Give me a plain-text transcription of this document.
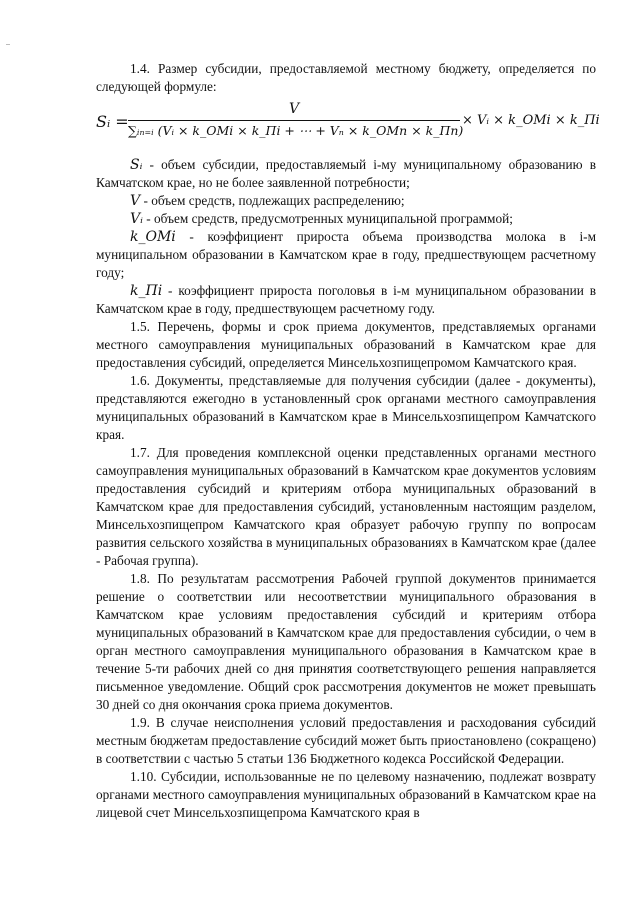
1.4. Размер субсидии, предоставляемой местному бюджету, определяется по следующей формуле:

Sᵢ =
V
∑ᵢₙ₌ᵢ (Vᵢ × k_OMi × k_Πi + ⋯ + Vₙ × k_OMn × k_Πn)
× Vᵢ × k_OMi × k_Πi

Sᵢ - объем субсидии, предоставляемый i-му муниципальному образованию в Камчатском крае, но не более заявленной потребности;

V - объем средств, подлежащих распределению;

Vᵢ - объем средств, предусмотренных муниципальной программой;

k_OMi - коэффициент прироста объема производства молока в i-м муниципальном образовании в Камчатском крае в году, предшествующем расчетному году;

k_Πi - коэффициент прироста поголовья в i-м муниципальном образовании в Камчатском крае в году, предшествующем расчетному году.

1.5. Перечень, формы и срок приема документов, представляемых органами местного самоуправления муниципальных образований в Камчатском крае для предоставления субсидий, определяется Минсельхозпищепромом Камчатского края.

1.6. Документы, представляемые для получения субсидии (далее - документы), представляются ежегодно в установленный срок органами местного самоуправления муниципальных образований в Камчатском крае в Минсельхозпищепром Камчатского края.

1.7. Для проведения комплексной оценки представленных органами местного самоуправления муниципальных образований в Камчатском крае документов условиям предоставления субсидий и критериям отбора муниципальных образований в Камчатском крае для предоставления субсидий, установленным настоящим разделом, Минсельхозпищепром Камчатского края образует рабочую группу по вопросам развития сельского хозяйства в муниципальных образованиях в Камчатском крае (далее - Рабочая группа).

1.8. По результатам рассмотрения Рабочей группой документов принимается решение о соответствии или несоответствии муниципального образования в Камчатском крае условиям предоставления субсидий и критериям отбора муниципальных образований в Камчатском крае для предоставления субсидии, о чем в орган местного самоуправления муниципального образования в Камчатском крае в течение 5-ти рабочих дней со дня принятия соответствующего решения направляется письменное уведомление. Общий срок рассмотрения документов не может превышать 30 дней со дня окончания срока приема документов.

1.9. В случае неисполнения условий предоставления и расходования субсидий местным бюджетам предоставление субсидий может быть приостановлено (сокращено) в соответствии с частью 5 статьи 136 Бюджетного кодекса Российской Федерации.

1.10. Субсидии, использованные не по целевому назначению, подлежат возврату органами местного самоуправления муниципальных образований в Камчатском крае на лицевой счет Минсельхозпищепрома Камчатского края в
